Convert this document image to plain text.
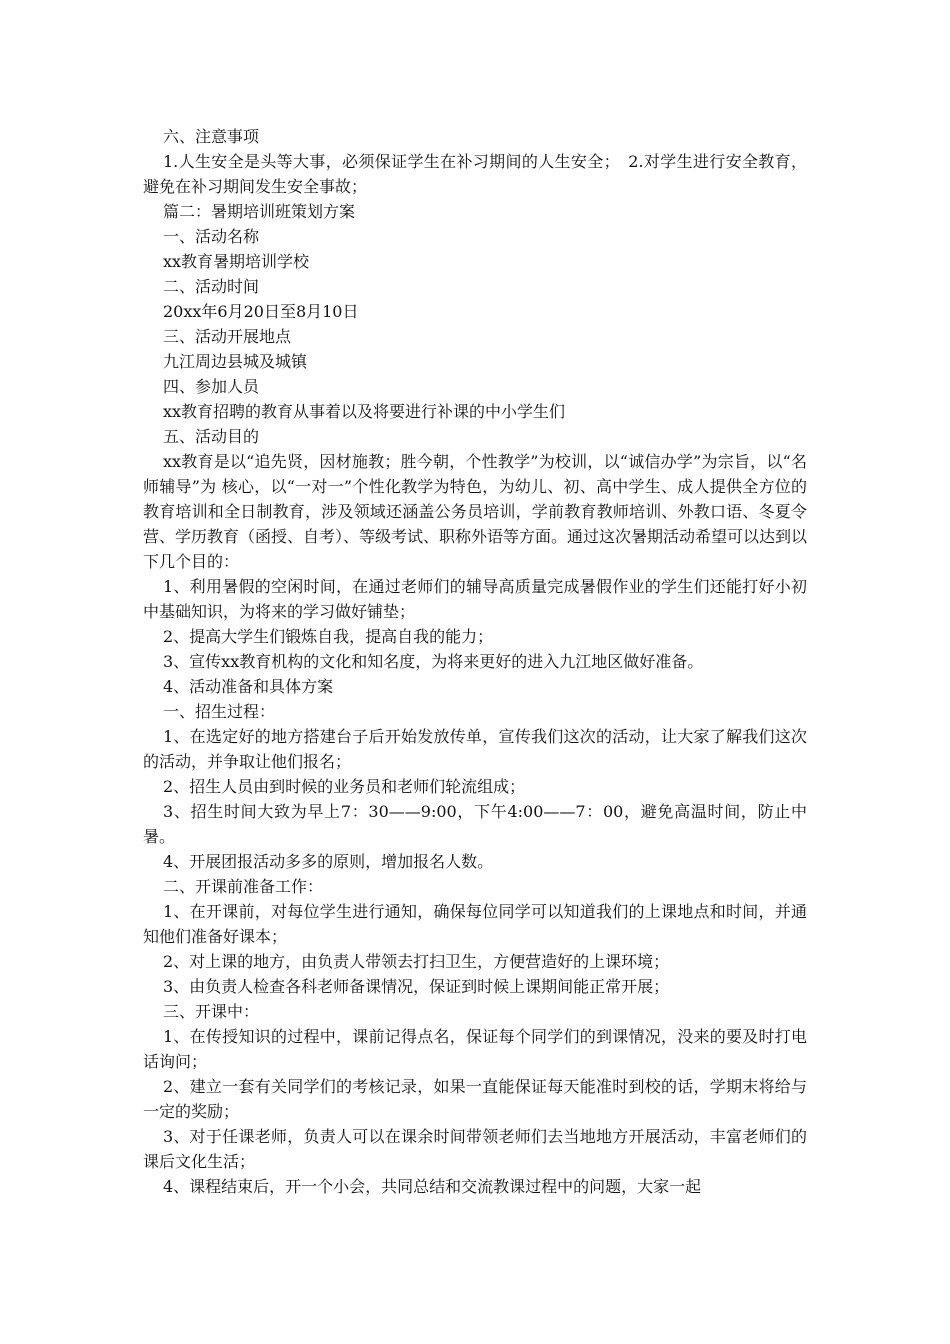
六、注意事项

1.人生安全是头等大事，必须保证学生在补习期间的人生安全；　2.对学生进行安全教育，避免在补习期间发生安全事故；

篇二：暑期培训班策划方案

一、活动名称

xx教育暑期培训学校

二、活动时间

20xx年6月20日至8月10日

三、活动开展地点

九江周边县城及城镇

四、参加人员

xx教育招聘的教育从事着以及将要进行补课的中小学生们

五、活动目的

xx教育是以“追先贤，因材施教；胜今朝，个性教学”为校训，以“诚信办学”为宗旨，以“名师辅导”为 核心，以“一对一”个性化教学为特色，为幼儿、初、高中学生、成人提供全方位的教育培训和全日制教育，涉及领域还涵盖公务员培训，学前教育教师培训、外教口语、冬夏令营、学历教育（函授、自考）、等级考试、职称外语等方面。通过这次暑期活动希望可以达到以下几个目的：

1、利用暑假的空闲时间，在通过老师们的辅导高质量完成暑假作业的学生们还能打好小初中基础知识，为将来的学习做好铺垫；

2、提高大学生们锻炼自我，提高自我的能力；

3、宣传xx教育机构的文化和知名度，为将来更好的进入九江地区做好准备。

4、活动准备和具体方案

一、招生过程：

1、在选定好的地方搭建台子后开始发放传单，宣传我们这次的活动，让大家了解我们这次的活动，并争取让他们报名；

2、招生人员由到时候的业务员和老师们轮流组成；

3、招生时间大致为早上7：30——9:00，下午4:00——7：00，避免高温时间，防止中暑。

4、开展团报活动多多的原则，增加报名人数。

二、开课前准备工作：

1、在开课前，对每位学生进行通知，确保每位同学可以知道我们的上课地点和时间，并通知他们准备好课本；

2、对上课的地方，由负责人带领去打扫卫生，方便营造好的上课环境；

3、由负责人检查各科老师备课情况，保证到时候上课期间能正常开展；

三、开课中：

1、在传授知识的过程中，课前记得点名，保证每个同学们的到课情况，没来的要及时打电话询问；

2、建立一套有关同学们的考核记录，如果一直能保证每天能准时到校的话，学期末将给与一定的奖励；

3、对于任课老师，负责人可以在课余时间带领老师们去当地地方开展活动，丰富老师们的课后文化生活；

4、课程结束后，开一个小会，共同总结和交流教课过程中的问题，大家一起
